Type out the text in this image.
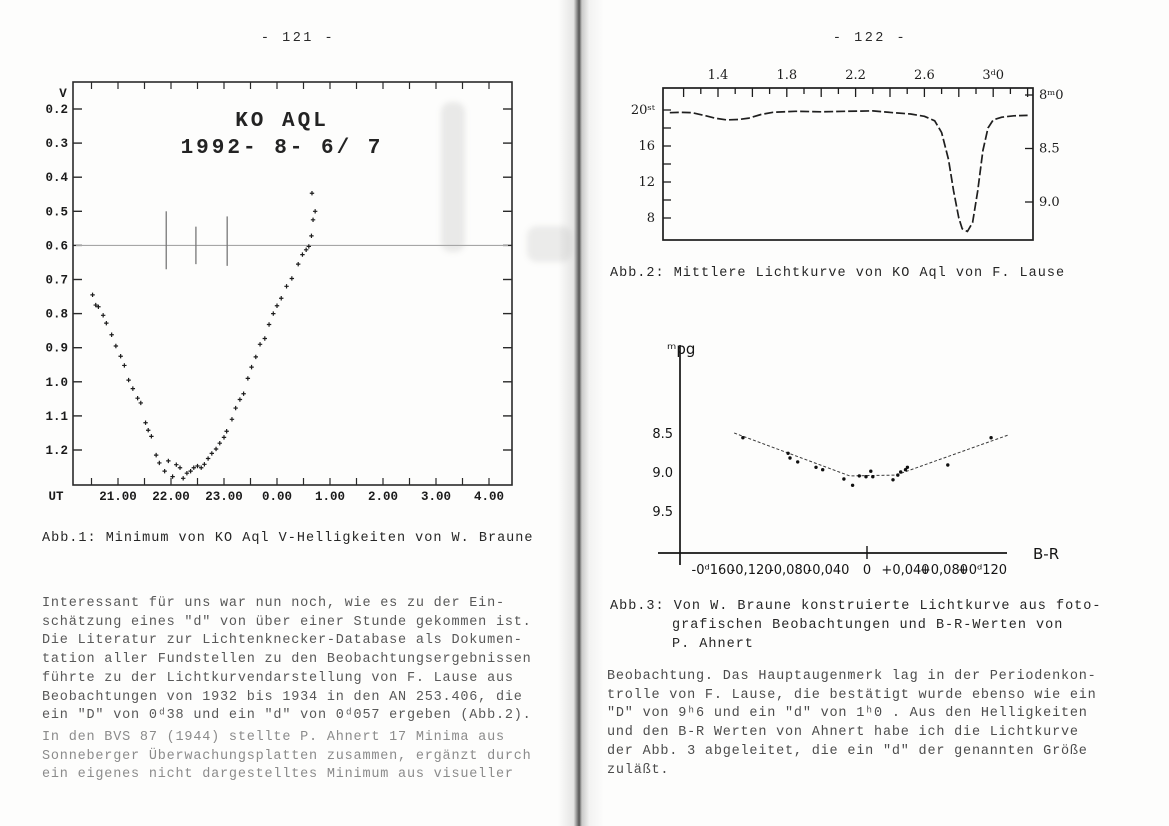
- 121 -
0.2
0.3
0.4
0.5
0.6
0.7
0.8
0.9
1.0
1.1
1.2
V
21.00 22.00 23.00 0.00 1.00 2.00 3.00 4.00
UT
KO AQL
1992- 8- 6/ 7
Abb.1: Minimum von KO Aql V-Helligkeiten von W. Braune
Interessant für uns war nun noch, wie es zu der Ein-
schätzung eines "d" von über einer Stunde gekommen ist.
Die Literatur zur Lichtenknecker-Database als Dokumen-
tation aller Fundstellen zu den Beobachtungsergebnissen
führte zu der Lichtkurvendarstellung von F. Lause aus
Beobachtungen von 1932 bis 1934 in den AN 253.406, die
ein "D" von 0ᵈ38 und ein "d" von 0ᵈ057 ergeben (Abb.2).
In den BVS 87 (1944) stellte P. Ahnert 17 Minima aus
Sonneberger Überwachungsplatten zusammen, ergänzt durch
ein eigenes nicht dargestelltes Minimum aus visueller
- 122 -
1.4	1.8	2.2	2.6	3ᵈ0
20ˢᵗ
16
12
8
8ᵐ0
8.5
9.0
Abb.2: Mittlere Lichtkurve von KO Aql von F. Lause
ᵐpg
8.5
9.0
9.5
-0ᵈ160
-0,120
-0,080
-0,040 0 +0,040
+0,080
+0ᵈ120
B-R
Abb.3: Von W. Braune konstruierte Lichtkurve aus foto-
grafischen Beobachtungen und B-R-Werten von
P. Ahnert
Beobachtung. Das Hauptaugenmerk lag in der Periodenkon-
trolle von F. Lause, die bestätigt wurde ebenso wie ein
"D" von 9ʰ6 und ein "d" von 1ʰ0 . Aus den Helligkeiten
und den B-R Werten von Ahnert habe ich die Lichtkurve
der Abb. 3 abgeleitet, die ein "d" der genannten Größe
zuläßt.
